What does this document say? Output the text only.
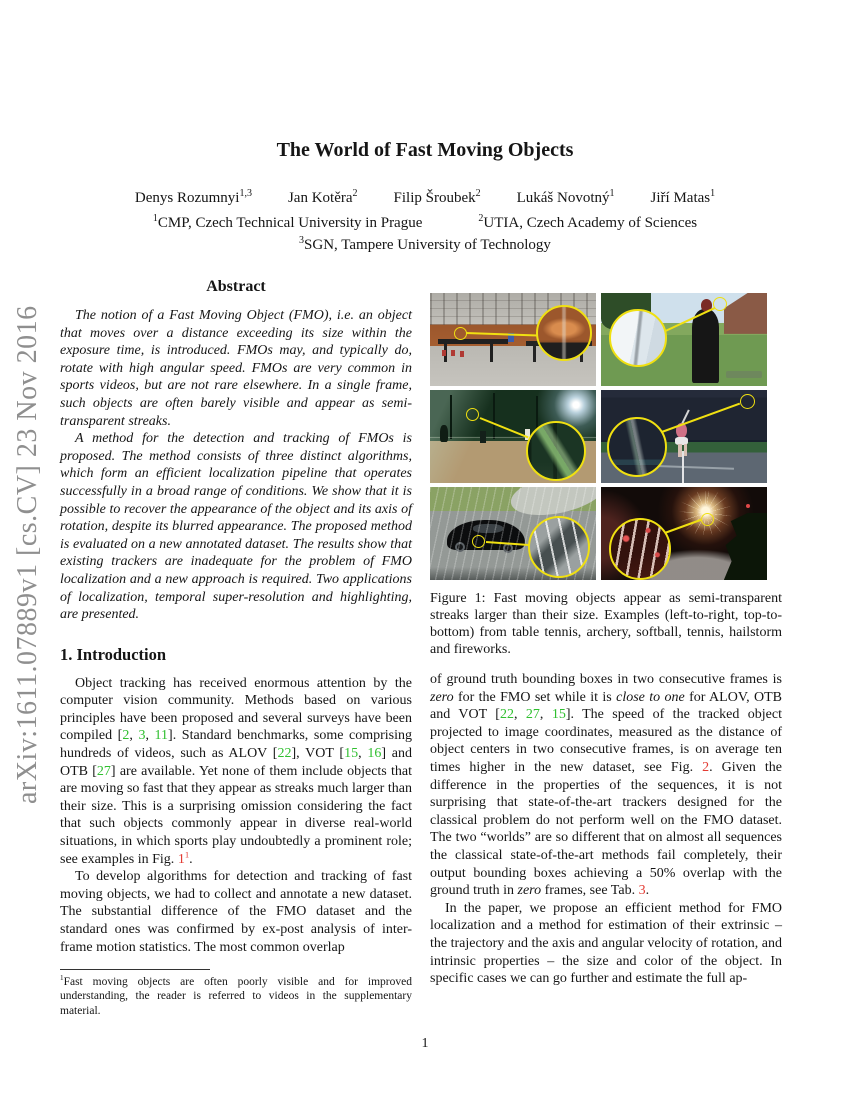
arXiv:1611.07889v1 [cs.CV] 23 Nov 2016
The World of Fast Moving Objects
Denys Rozumnyi$^{1,3}$ Jan Kotěra$^2$ Filip Šroubek$^2$ Lukáš Novotný$^1$ Jiří Matas$^1$
$^1$CMP, Czech Technical University in Prague	$^2$UTIA, Czech Academy of Sciences
$^3$SGN, Tampere University of Technology
Abstract

The notion of a Fast Moving Object (FMO), i.e. an object that moves over a distance exceeding its size within the exposure time, is introduced. FMOs may, and typically do, rotate with high angular speed. FMOs are very common in sports videos, but are not rare elsewhere. In a single frame, such objects are often barely visible and appear as semi-transparent streaks.

A method for the detection and tracking of FMOs is proposed. The method consists of three distinct algorithms, which form an efficient localization pipeline that operates successfully in a broad range of conditions. We show that it is possible to recover the appearance of the object and its axis of rotation, despite its blurred appearance. The proposed method is evaluated on a new annotated dataset. The results show that existing trackers are inadequate for the problem of FMO localization and a new approach is required. Two applications of localization, temporal super-resolution and highlighting, are presented.

1. Introduction

Object tracking has received enormous attention by the computer vision community. Methods based on various principles have been proposed and several surveys have been compiled [2, 3, 11]. Standard benchmarks, some comprising hundreds of videos, such as ALOV [22], VOT [15, 16] and OTB [27] are available. Yet none of them include objects that are moving so fast that they appear as streaks much larger than their size. This is a surprising omission considering the fact that such objects commonly appear in diverse real-world situations, in which sports play undoubtedly a prominent role; see examples in Fig. $1^1$.

To develop algorithms for detection and tracking of fast moving objects, we had to collect and annotate a new dataset. The substantial difference of the FMO dataset and the standard ones was confirmed by ex-post analysis of inter-frame motion statistics. The most common overlap

$^1$Fast moving objects are often poorly visible and for improved understanding, the reader is referred to videos in the supplementary material.

Figure 1: Fast moving objects appear as semi-transparent streaks larger than their size. Examples (left-to-right, top-to-bottom) from table tennis, archery, softball, tennis, hailstorm and fireworks.

of ground truth bounding boxes in two consecutive frames is zero for the FMO set while it is close to one for ALOV, OTB and VOT [22, 27, 15]. The speed of the tracked object projected to image coordinates, measured as the distance of object centers in two consecutive frames, is on average ten times higher in the new dataset, see Fig. 2. Given the difference in the properties of the sequences, it is not surprising that state-of-the-art trackers designed for the classical problem do not perform well on the FMO dataset. The two “worlds” are so different that on almost all sequences the classical state-of-the-art methods fail completely, their output bounding boxes achieving a 50% overlap with the ground truth in zero frames, see Tab. 3.

In the paper, we propose an efficient method for FMO localization and a method for estimation of their extrinsic – the trajectory and the axis and angular velocity of rotation, and intrinsic properties – the size and color of the object. In specific cases we can go further and estimate the full ap-

1
